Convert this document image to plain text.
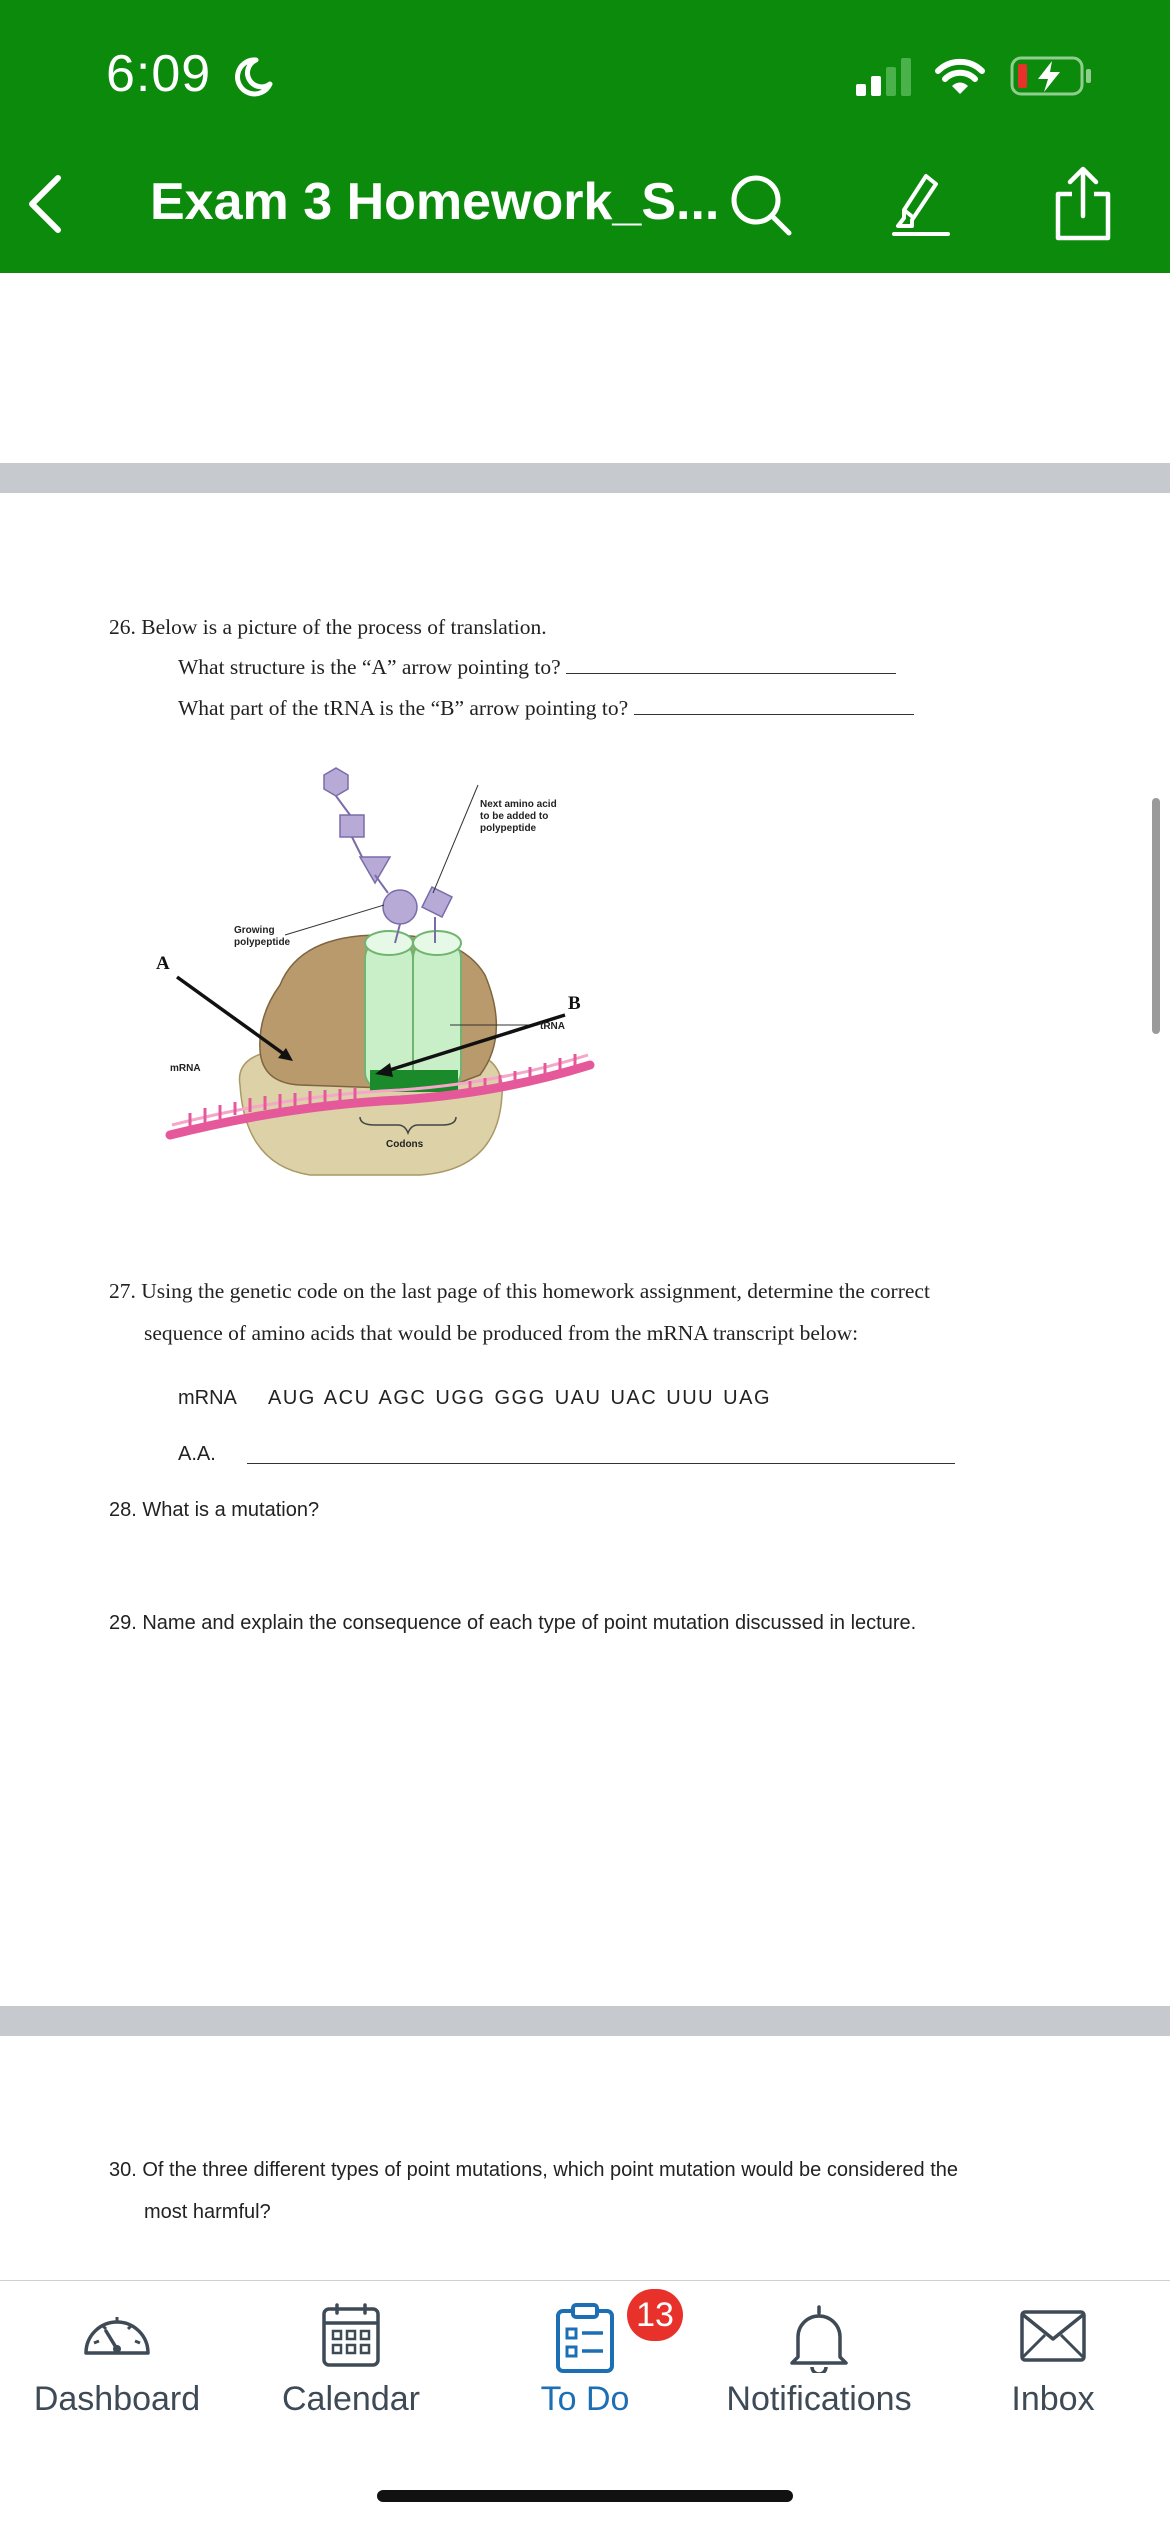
6:09
Exam 3 Homework_S...
26. Below is a picture of the process of translation.
What structure is the “A” arrow pointing to?
What part of the tRNA is the “B” arrow pointing to?
Next amino acid
to be added to
polypeptide
Growing
polypeptide
A
B
mRNA
tRNA
Codons
27. Using the genetic code on the last page of this homework assignment, determine the correct
sequence of amino acids that would be produced from the mRNA transcript below:
mRNA AUG ACU AGC UGG GGG UAU UAC UUU UAG
A.A.
28. What is a mutation?
29. Name and explain the consequence of each type of point mutation discussed in lecture.
30. Of the three different types of point mutations, which point mutation would be considered the
most harmful?
Dashboard Calendar	To Do	Notifications	Inbox
13
